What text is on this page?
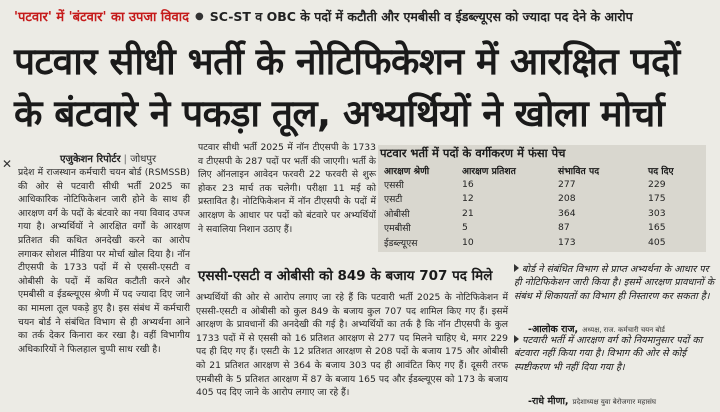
'पटवार' में 'बंटवार' का उपजा विवाद ● SC-ST व OBC के पदों में कटौती और एमबीसी व ईडब्ल्यूएस को ज्यादा पद देने के आरोप
पटवार सीधी भर्ती के नोटिफिकेशन में आरक्षित पदों
के बंटवारे ने पकड़ा तूल, अभ्यर्थियों ने खोला मोर्चा
✕	एजुकेशन रिपोर्टर | जोधपुर

प्रदेश में राजस्थान कर्मचारी चयन बोर्ड (RSMSSB) की ओर से पटवारी सीधी भर्ती 2025 का आधिकारिक नोटिफिकेशन जारी होने के साथ ही आरक्षण वर्ग के पदों के बंटवारे का नया विवाद उपज गया है। अभ्यर्थियों ने आरक्षित वर्गों के आरक्षण प्रतिशत की कथित अनदेखी करने का आरोप लगाकर सोशल मीडिया पर मोर्चा खोल दिया है। नॉन टीएसपी के 1733 पदों में से एससी-एसटी व ओबीसी के पदों में कथित कटौती करने और एमबीसी व ईडब्ल्यूएस श्रेणी में पद ज्यादा दिए जाने का मामला तूल पकड़े हुए है। इस संबंध में कर्मचारी चयन बोर्ड ने संबंधित विभाग से ही अभ्यर्थना आने का तर्क देकर किनारा कर रखा है। वहीं विभागीय अधिकारियों ने फिलहाल चुप्पी साध रखी है।

पटवार सीधी भर्ती 2025 में नॉन टीएसपी के 1733 व टीएसपी के 287 पदों पर भर्ती की जाएगी। भर्ती के लिए ऑनलाइन आवेदन फरवरी 22 फरवरी से शुरू होकर 23 मार्च तक चलेगी। परीक्षा 11 मई को प्रस्तावित है। नोटिफिकेशन में नॉन टीएसपी के पदों में आरक्षण के आधार पर पदों को बंटवारे पर अभ्यर्थियों ने सवालिया निशान उठाए हैं।

पटवार भर्ती में पदों के वर्गीकरण में फंसा पेच
आरक्षण श्रेणी	आरक्षण प्रतिशत	संभावित पद	पद दिए
एससी	16	277	229
एसटी	12	208	175
ओबीसी	21	364	303
एमबीसी	5	87	165
ईडब्ल्यूएस	10	173	405
एससी-एसटी व ओबीसी को 849 के बजाय 707 पद मिले

अभ्यर्थियों की ओर से आरोप लगाए जा रहे हैं कि पटवारी भर्ती 2025 के नोटिफिकेशन में एससी-एसटी व ओबीसी को कुल 849 के बजाय कुल 707 पद शामिल किए गए हैं। इसमें आरक्षण के प्रावधानों की अनदेखी की गई है। अभ्यर्थियों का तर्क है कि नॉन टीएसपी के कुल 1733 पदों में से एससी को 16 प्रतिशत आरक्षण से 277 पद मिलने चाहिए थे, मगर 229 पद ही दिए गए हैं। एसटी के 12 प्रतिशत आरक्षण से 208 पदों के बजाय 175 और ओबीसी को 21 प्रतिशत आरक्षण से 364 के बजाय 303 पद ही आवंटित किए गए हैं। दूसरी तरफ एमबीसी के 5 प्रतिशत आरक्षण में 87 के बजाय 165 पद और ईडब्ल्यूएस को 173 के बजाय 405 पद दिए जाने के आरोप लगाए जा रहे हैं।

बोर्ड ने संबंधित विभाग से प्राप्त अभ्यर्थना के आधार पर ही नोटिफिकेशन जारी किया है। इसमें आरक्षण प्रावधानों के संबंध में शिकायतों का विभाग ही निस्तारण कर सकता है।
-आलोक राज, अध्यक्ष, राज. कर्मचारी चयन बोर्ड
पटवारी भर्ती में आरक्षण वर्ग को नियमानुसार पदों का बंटवारा नहीं किया गया है। विभाग की ओर से कोई स्पष्टीकरण भी नहीं दिया गया है।
-राधे मीणा, प्रदेशाध्यक्ष युवा बेरोजगार महासंघ
